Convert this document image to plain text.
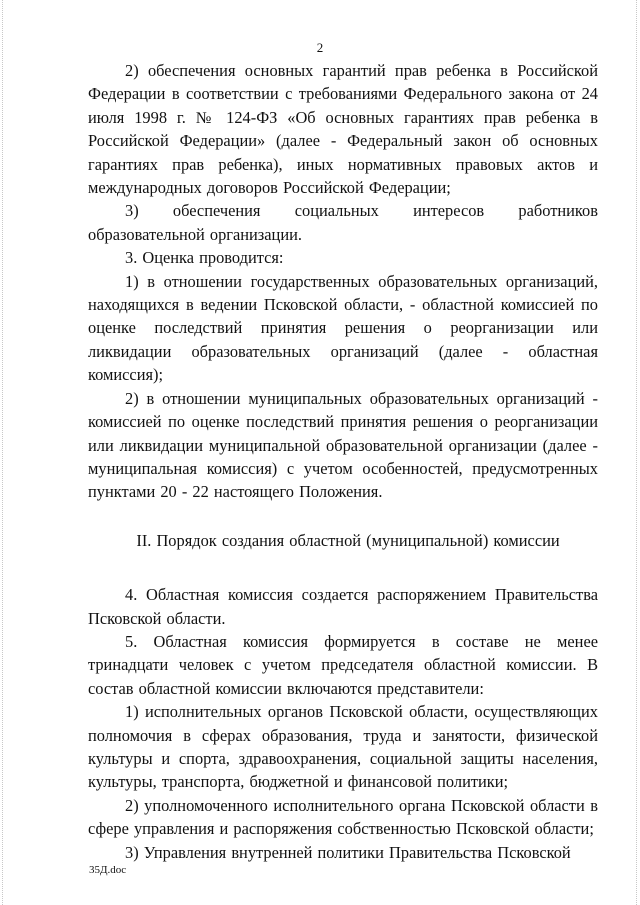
2

2) обеспечения основных гарантий прав ребенка в Российской Федерации в соответствии с требованиями Федерального закона от 24 июля 1998 г. № 124-ФЗ «Об основных гарантиях прав ребенка в Российской Федерации» (далее - Федеральный закон об основных гарантиях прав ребенка), иных нормативных правовых актов и международных договоров Российской Федерации;

3) обеспечения социальных интересов работников образовательной организации.

3. Оценка проводится:

1) в отношении государственных образовательных организаций, находящихся в ведении Псковской области, - областной комиссией по оценке последствий принятия решения о реорганизации или ликвидации образовательных организаций (далее - областная комиссия);

2) в отношении муниципальных образовательных организаций - комиссией по оценке последствий принятия решения о реорганизации или ликвидации муниципальной образовательной организации (далее - муниципальная комиссия) с учетом особенностей, предусмотренных пунктами 20 - 22 настоящего Положения.

II. Порядок создания областной (муниципальной) комиссии

4. Областная комиссия создается распоряжением Правительства Псковской области.

5. Областная комиссия формируется в составе не менее тринадцати человек с учетом председателя областной комиссии. В состав областной комиссии включаются представители:

1) исполнительных органов Псковской области, осуществляющих полномочия в сферах образования, труда и занятости, физической культуры и спорта, здравоохранения, социальной защиты населения, культуры, транспорта, бюджетной и финансовой политики;

2) уполномоченного исполнительного органа Псковской области в сфере управления и распоряжения собственностью Псковской области;

3) Управления внутренней политики Правительства Псковской

35Д.doc
